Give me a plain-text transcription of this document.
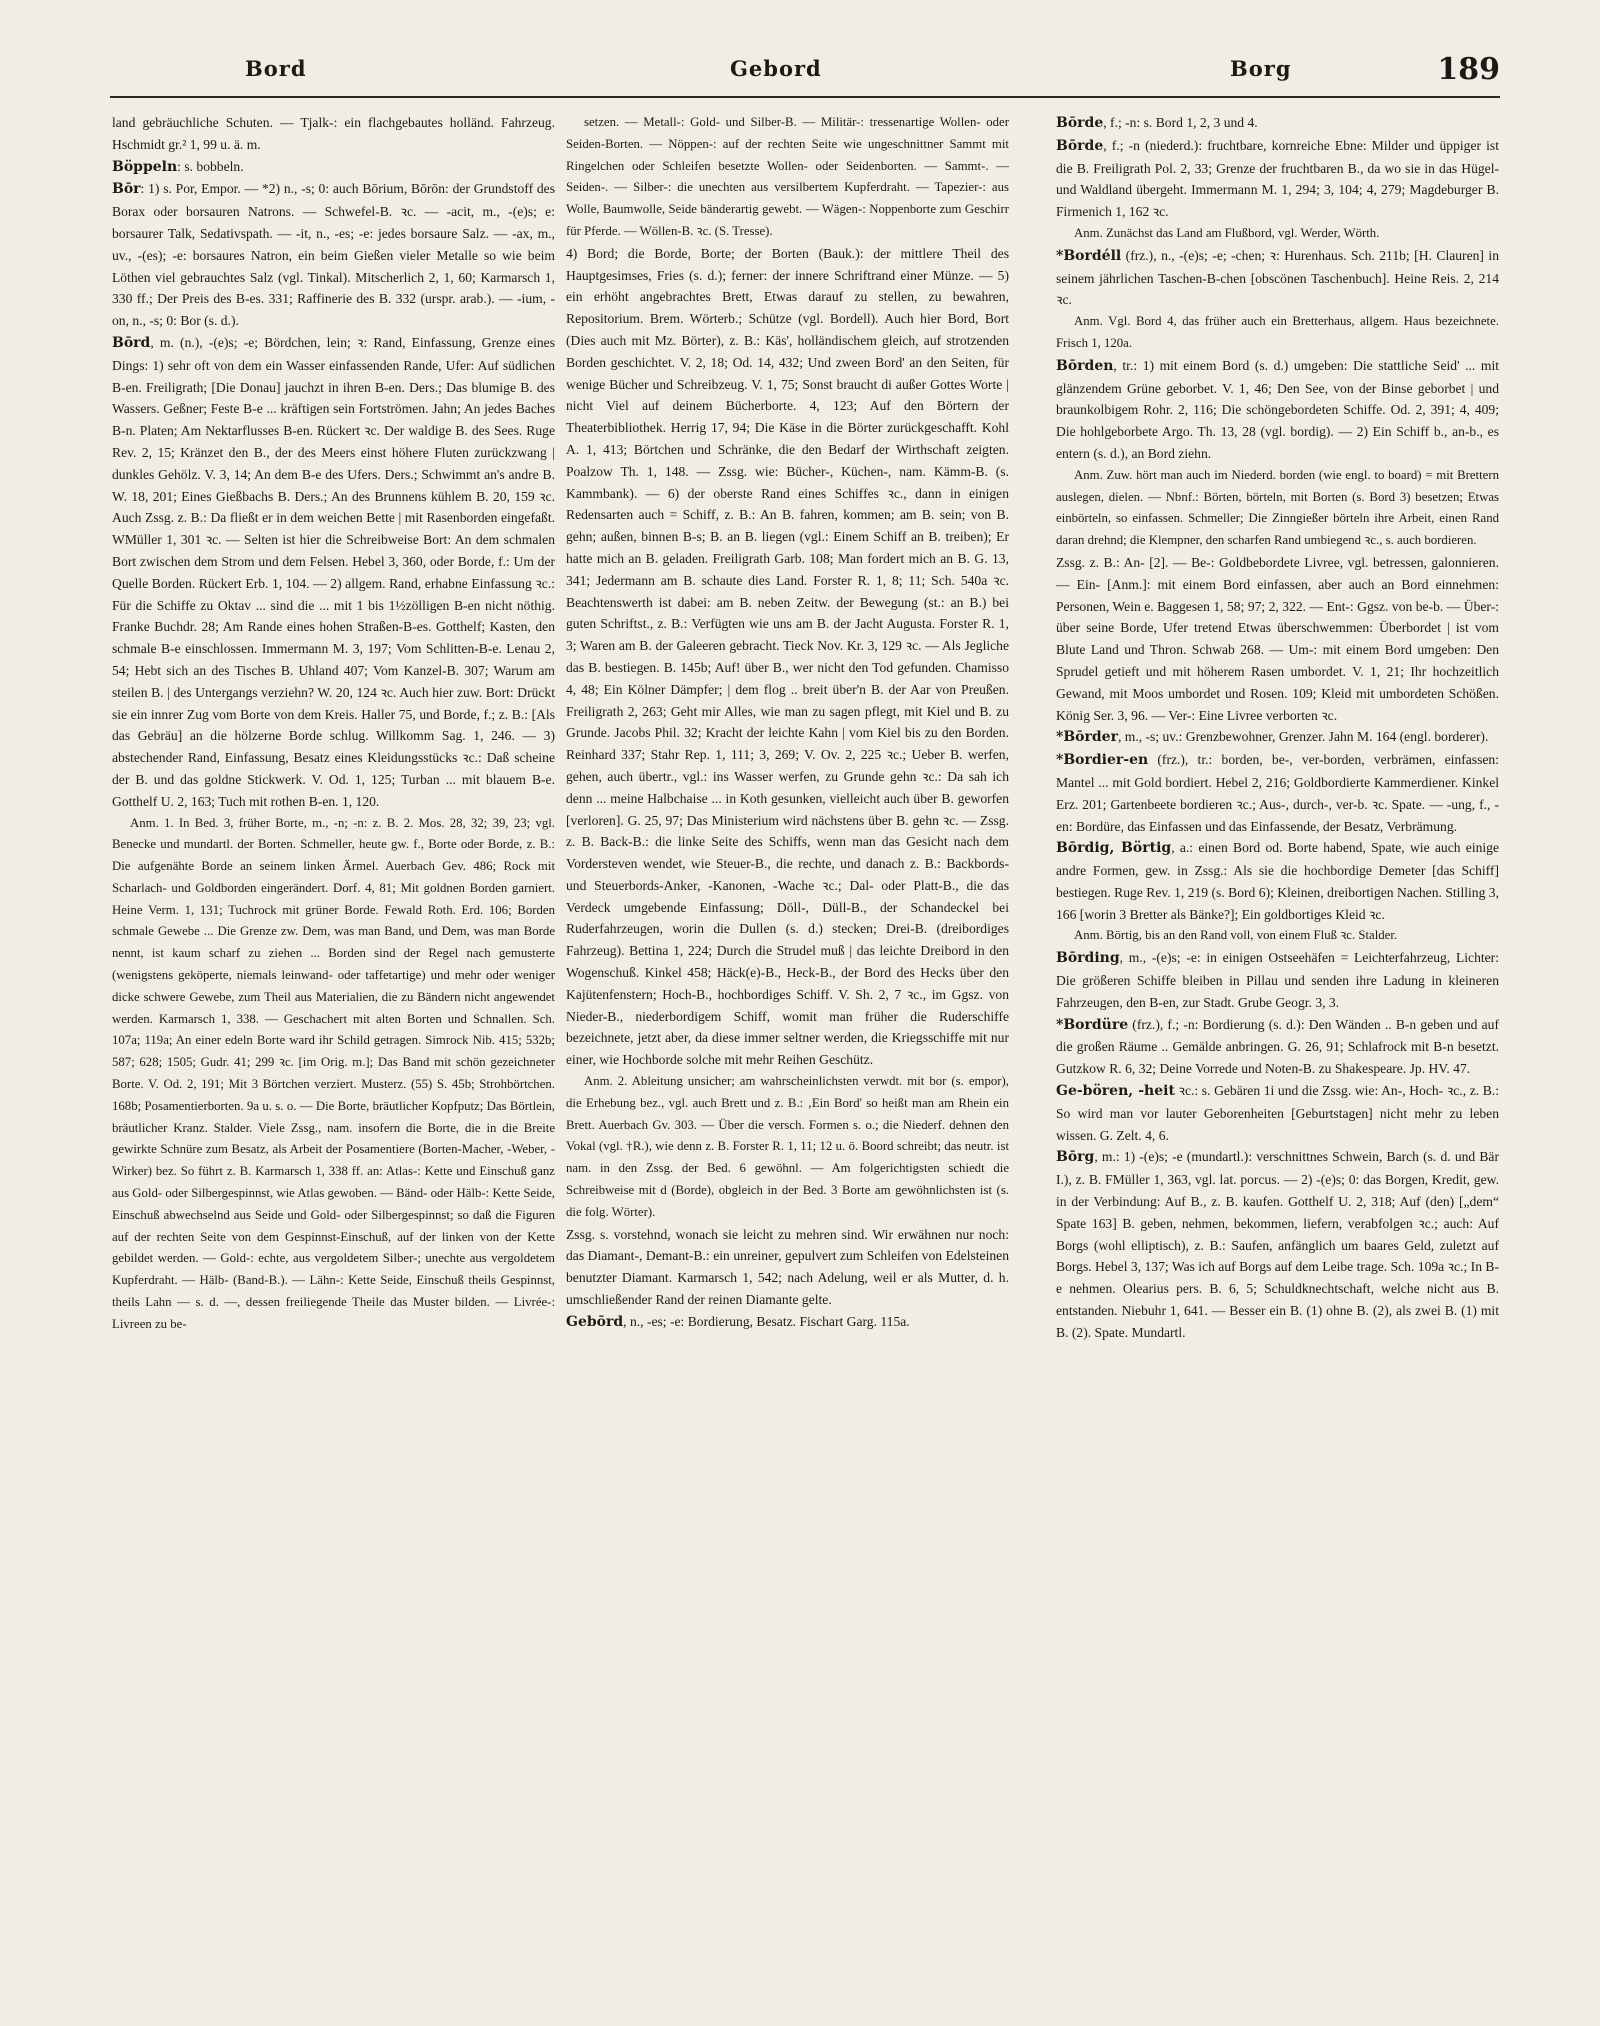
Bord	Gebord	Borg	189

land gebräuchliche Schuten. — Tjalk-: ein flachgebautes holländ. Fahrzeug. Hschmidt gr.² 1, 99 u. ä. m.

Böppeln: s. bobbeln.

Bōr: 1) s. Por, Empor. — *2) n., -s; 0: auch Bōrium, Bōrōn: der Grundstoff des Borax oder borsauren Natrons. — Schwefel-B. ꝛc. — -acit, m., -(e)s; e: borsaurer Talk, Sedativspath. — -it, n., -es; -e: jedes borsaure Salz. — -ax, m., uv., -(es); -e: borsaures Natron, ein beim Gießen vieler Metalle so wie beim Löthen viel gebrauchtes Salz (vgl. Tinkal). Mitscherlich 2, 1, 60; Karmarsch 1, 330 ff.; Der Preis des B-es. 331; Raffinerie des B. 332 (urspr. arab.). — -ium, -on, n., -s; 0: Bor (s. d.).

Bōrd, m. (n.), -(e)s; -e; Bördchen, lein; ꝛ: Rand, Einfassung, Grenze eines Dings: 1) sehr oft von dem ein Wasser einfassenden Rande, Ufer: Auf südlichen B-en. Freiligrath; [Die Donau] jauchzt in ihren B-en. Ders.; Das blumige B. des Wassers. Geßner; Feste B-e ... kräftigen sein Fortströmen. Jahn; An jedes Baches B-n. Platen; Am Nektarflusses B-en. Rückert ꝛc. Der waldige B. des Sees. Ruge Rev. 2, 15; Kränzet den B., der des Meers einst höhere Fluten zurückzwang | dunkles Gehölz. V. 3, 14; An dem B-e des Ufers. Ders.; Schwimmt an's andre B. W. 18, 201; Eines Gießbachs B. Ders.; An des Brunnens kühlem B. 20, 159 ꝛc. Auch Zssg. z. B.: Da fließt er in dem weichen Bette | mit Rasenborden eingefaßt. WMüller 1, 301 ꝛc. — Selten ist hier die Schreibweise Bort: An dem schmalen Bort zwischen dem Strom und dem Felsen. Hebel 3, 360, oder Borde, f.: Um der Quelle Borden. Rückert Erb. 1, 104. — 2) allgem. Rand, erhabne Einfassung ꝛc.: Für die Schiffe zu Oktav ... sind die ... mit 1 bis 1½zölligen B-en nicht nöthig. Franke Buchdr. 28; Am Rande eines hohen Straßen-B-es. Gotthelf; Kasten, den schmale B-e einschlossen. Immermann M. 3, 197; Vom Schlitten-B-e. Lenau 2, 54; Hebt sich an des Tisches B. Uhland 407; Vom Kanzel-B. 307; Warum am steilen B. | des Untergangs verziehn? W. 20, 124 ꝛc. Auch hier zuw. Bort: Drückt sie ein innrer Zug vom Borte von dem Kreis. Haller 75, und Borde, f.; z. B.: [Als das Gebräu] an die hölzerne Borde schlug. Willkomm Sag. 1, 246. — 3) abstechender Rand, Einfassung, Besatz eines Kleidungsstücks ꝛc.: Daß scheine der B. und das goldne Stickwerk. V. Od. 1, 125; Turban ... mit blauem B-e. Gotthelf U. 2, 163; Tuch mit rothen B-en. 1, 120.

Anm. 1. In Bed. 3, früher Borte, m., -n; -n: z. B. 2. Mos. 28, 32; 39, 23; vgl. Benecke und mundartl. der Borten. Schmeller, heute gw. f., Borte oder Borde, z. B.: Die aufgenähte Borde an seinem linken Ärmel. Auerbach Gev. 486; Rock mit Scharlach- und Goldborden eingerändert. Dorf. 4, 81; Mit goldnen Borden garniert. Heine Verm. 1, 131; Tuchrock mit grüner Borde. Fewald Roth. Erd. 106; Borden schmale Gewebe ... Die Grenze zw. Dem, was man Band, und Dem, was man Borde nennt, ist kaum scharf zu ziehen ... Borden sind der Regel nach gemusterte (wenigstens geköperte, niemals leinwand- oder taffetartige) und mehr oder weniger dicke schwere Gewebe, zum Theil aus Materialien, die zu Bändern nicht angewendet werden. Karmarsch 1, 338. — Geschachert mit alten Borten und Schnallen. Sch. 107a; 119a; An einer edeln Borte ward ihr Schild getragen. Simrock Nib. 415; 532b; 587; 628; 1505; Gudr. 41; 299 ꝛc. [im Orig. m.]; Das Band mit schön gezeichneter Borte. V. Od. 2, 191; Mit 3 Börtchen verziert. Musterz. (55) S. 45b; Strohbörtchen. 168b; Posamentierborten. 9a u. s. o. — Die Borte, bräutlicher Kopfputz; Das Börtlein, bräutlicher Kranz. Stalder. Viele Zssg., nam. insofern die Borte, die in die Breite gewirkte Schnüre zum Besatz, als Arbeit der Posamentiere (Borten-Macher, -Weber, -Wirker) bez. So führt z. B. Karmarsch 1, 338 ff. an: Atlas-: Kette und Einschuß ganz aus Gold- oder Silbergespinnst, wie Atlas gewoben. — Bänd- oder Hälb-: Kette Seide, Einschuß abwechselnd aus Seide und Gold- oder Silbergespinnst; so daß die Figuren auf der rechten Seite von dem Gespinnst-Einschuß, auf der linken von der Kette gebildet werden. — Gold-: echte, aus vergoldetem Silber-; unechte aus vergoldetem Kupferdraht. — Hälb- (Band-B.). — Lähn-: Kette Seide, Einschuß theils Gespinnst, theils Lahn — s. d. —, dessen freiliegende Theile das Muster bilden. — Livrée-: Livreen zu be-

setzen. — Metall-: Gold- und Silber-B. — Militär-: tressenartige Wollen- oder Seiden-Borten. — Nöppen-: auf der rechten Seite wie ungeschnittner Sammt mit Ringelchen oder Schleifen besetzte Wollen- oder Seidenborten. — Sammt-. — Seiden-. — Silber-: die unechten aus versilbertem Kupferdraht. — Tapezier-: aus Wolle, Baumwolle, Seide bänderartig gewebt. — Wägen-: Noppenborte zum Geschirr für Pferde. — Wöllen-B. ꝛc. (S. Tresse).

4) Bord; die Borde, Borte; der Borten (Bauk.): der mittlere Theil des Hauptgesimses, Fries (s. d.); ferner: der innere Schriftrand einer Münze. — 5) ein erhöht angebrachtes Brett, Etwas darauf zu stellen, zu bewahren, Repositorium. Brem. Wörterb.; Schütze (vgl. Bordell). Auch hier Bord, Bort (Dies auch mit Mz. Börter), z. B.: Käs', holländischem gleich, auf strotzenden Borden geschichtet. V. 2, 18; Od. 14, 432; Und zween Bord' an den Seiten, für wenige Bücher und Schreibzeug. V. 1, 75; Sonst braucht di außer Gottes Worte | nicht Viel auf deinem Bücherborte. 4, 123; Auf den Börtern der Theaterbibliothek. Herrig 17, 94; Die Käse in die Börter zurückgeschafft. Kohl A. 1, 413; Börtchen und Schränke, die den Bedarf der Wirthschaft zeigten. Poalzow Th. 1, 148. — Zssg. wie: Bücher-, Küchen-, nam. Kämm-B. (s. Kammbank). — 6) der oberste Rand eines Schiffes ꝛc., dann in einigen Redensarten auch = Schiff, z. B.: An B. fahren, kommen; am B. sein; von B. gehn; außen, binnen B-s; B. an B. liegen (vgl.: Einem Schiff an B. treiben); Er hatte mich an B. geladen. Freiligrath Garb. 108; Man fordert mich an B. G. 13, 341; Jedermann am B. schaute dies Land. Forster R. 1, 8; 11; Sch. 540a ꝛc. Beachtenswerth ist dabei: am B. neben Zeitw. der Bewegung (st.: an B.) bei guten Schriftst., z. B.: Verfügten wie uns am B. der Jacht Augusta. Forster R. 1, 3; Waren am B. der Galeeren gebracht. Tieck Nov. Kr. 3, 129 ꝛc. — Als Jegliche das B. bestiegen. B. 145b; Auf! über B., wer nicht den Tod gefunden. Chamisso 4, 48; Ein Kölner Dämpfer; | dem flog .. breit über'n B. der Aar von Preußen. Freiligrath 2, 263; Geht mir Alles, wie man zu sagen pflegt, mit Kiel und B. zu Grunde. Jacobs Phil. 32; Kracht der leichte Kahn | vom Kiel bis zu den Borden. Reinhard 337; Stahr Rep. 1, 111; 3, 269; V. Ov. 2, 225 ꝛc.; Ueber B. werfen, gehen, auch übertr., vgl.: ins Wasser werfen, zu Grunde gehn ꝛc.: Da sah ich denn ... meine Halbchaise ... in Koth gesunken, vielleicht auch über B. geworfen [verloren]. G. 25, 97; Das Ministerium wird nächstens über B. gehn ꝛc. — Zssg. z. B. Back-B.: die linke Seite des Schiffs, wenn man das Gesicht nach dem Vordersteven wendet, wie Steuer-B., die rechte, und danach z. B.: Backbords- und Steuerbords-Anker, -Kanonen, -Wache ꝛc.; Dal- oder Platt-B., die das Verdeck umgebende Einfassung; Döll-, Düll-B., der Schandeckel bei Ruderfahrzeugen, worin die Dullen (s. d.) stecken; Drei-B. (dreibordiges Fahrzeug). Bettina 1, 224; Durch die Strudel muß | das leichte Dreibord in den Wogenschuß. Kinkel 458; Häck(e)-B., Heck-B., der Bord des Hecks über den Kajütenfenstern; Hoch-B., hochbordiges Schiff. V. Sh. 2, 7 ꝛc., im Ggsz. von Nieder-B., niederbordigem Schiff, womit man früher die Ruderschiffe bezeichnete, jetzt aber, da diese immer seltner werden, die Kriegsschiffe mit nur einer, wie Hochborde solche mit mehr Reihen Geschütz.

Anm. 2. Ableitung unsicher; am wahrscheinlichsten verwdt. mit bor (s. empor), die Erhebung bez., vgl. auch Brett und z. B.: ‚Ein Bord' so heißt man am Rhein ein Brett. Auerbach Gv. 303. — Über die versch. Formen s. o.; die Niederf. dehnen den Vokal (vgl. †R.), wie denn z. B. Forster R. 1, 11; 12 u. ö. Boord schreibt; das neutr. ist nam. in den Zssg. der Bed. 6 gewöhnl. — Am folgerichtigsten schiedt die Schreibweise mit d (Borde), obgleich in der Bed. 3 Borte am gewöhnlichsten ist (s. die folg. Wörter).

Zssg. s. vorstehnd, wonach sie leicht zu mehren sind. Wir erwähnen nur noch: das Diamant-, Demant-B.: ein unreiner, gepulvert zum Schleifen von Edelsteinen benutzter Diamant. Karmarsch 1, 542; nach Adelung, weil er als Mutter, d. h. umschließender Rand der reinen Diamante gelte.

Gebōrd, n., -es; -e: Bordierung, Besatz. Fischart Garg. 115a.

Bōrde, f.; -n: s. Bord 1, 2, 3 und 4.

Bōrde, f.; -n (niederd.): fruchtbare, kornreiche Ebne: Milder und üppiger ist die B. Freiligrath Pol. 2, 33; Grenze der fruchtbaren B., da wo sie in das Hügel- und Waldland übergeht. Immermann M. 1, 294; 3, 104; 4, 279; Magdeburger B. Firmenich 1, 162 ꝛc.

Anm. Zunächst das Land am Flußbord, vgl. Werder, Wörth.

*Bordéll (frz.), n., -(e)s; -e; -chen; ꝛ: Hurenhaus. Sch. 211b; [H. Clauren] in seinem jährlichen Taschen-B-chen [obscönen Taschenbuch]. Heine Reis. 2, 214 ꝛc.

Anm. Vgl. Bord 4, das früher auch ein Bretterhaus, allgem. Haus bezeichnete. Frisch 1, 120a.

Bōrden, tr.: 1) mit einem Bord (s. d.) umgeben: Die stattliche Seid' ... mit glänzendem Grüne geborbet. V. 1, 46; Den See, von der Binse geborbet | und braunkolbigem Rohr. 2, 116; Die schöngebordeten Schiffe. Od. 2, 391; 4, 409; Die hohlgeborbete Argo. Th. 13, 28 (vgl. bordig). — 2) Ein Schiff b., an-b., es entern (s. d.), an Bord ziehn.

Anm. Zuw. hört man auch im Niederd. borden (wie engl. to board) = mit Brettern auslegen, dielen. — Nbnf.: Börten, börteln, mit Borten (s. Bord 3) besetzen; Etwas einbörteln, so einfassen. Schmeller; Die Zinngießer börteln ihre Arbeit, einen Rand daran drehnd; die Klempner, den scharfen Rand umbiegend ꝛc., s. auch bordieren.

Zssg. z. B.: An- [2]. — Be-: Goldbebordete Livree, vgl. betressen, galonnieren. — Ein- [Anm.]: mit einem Bord einfassen, aber auch an Bord einnehmen: Personen, Wein e. Baggesen 1, 58; 97; 2, 322. — Ent-: Ggsz. von be-b. — Über-: über seine Borde, Ufer tretend Etwas überschwemmen: Überbordet | ist vom Blute Land und Thron. Schwab 268. — Um-: mit einem Bord umgeben: Den Sprudel getieft und mit höherem Rasen umbordet. V. 1, 21; Ihr hochzeitlich Gewand, mit Moos umbordet und Rosen. 109; Kleid mit umbordeten Schößen. König Ser. 3, 96. — Ver-: Eine Livree verborten ꝛc.

*Bōrder, m., -s; uv.: Grenzbewohner, Grenzer. Jahn M. 164 (engl. borderer).

*Bordier-en (frz.), tr.: borden, be-, ver-borden, verbrämen, einfassen: Mantel ... mit Gold bordiert. Hebel 2, 216; Goldbordierte Kammerdiener. Kinkel Erz. 201; Gartenbeete bordieren ꝛc.; Aus-, durch-, ver-b. ꝛc. Spate. — -ung, f., -en: Bordüre, das Einfassen und das Einfassende, der Besatz, Verbrämung.

Bōrdig, Börtig, a.: einen Bord od. Borte habend, Spate, wie auch einige andre Formen, gew. in Zssg.: Als sie die hochbordige Demeter [das Schiff] bestiegen. Ruge Rev. 1, 219 (s. Bord 6); Kleinen, dreibortigen Nachen. Stilling 3, 166 [worin 3 Bretter als Bänke?]; Ein goldbortiges Kleid ꝛc.

Anm. Börtig, bis an den Rand voll, von einem Fluß ꝛc. Stalder.

Bōrding, m., -(e)s; -e: in einigen Ostseehäfen = Leichterfahrzeug, Lichter: Die größeren Schiffe bleiben in Pillau und senden ihre Ladung in kleineren Fahrzeugen, den B-en, zur Stadt. Grube Geogr. 3, 3.

*Bordüre (frz.), f.; -n: Bordierung (s. d.): Den Wänden .. B-n geben und auf die großen Räume .. Gemälde anbringen. G. 26, 91; Schlafrock mit B-n besetzt. Gutzkow R. 6, 32; Deine Vorrede und Noten-B. zu Shakespeare. Jp. HV. 47.

Ge-bören, -heit ꝛc.: s. Gebären 1i und die Zssg. wie: An-, Hoch- ꝛc., z. B.: So wird man vor lauter Geborenheiten [Geburtstagen] nicht mehr zu leben wissen. G. Zelt. 4, 6.

Bōrg, m.: 1) -(e)s; -e (mundartl.): verschnittnes Schwein, Barch (s. d. und Bär I.), z. B. FMüller 1, 363, vgl. lat. porcus. — 2) -(e)s; 0: das Borgen, Kredit, gew. in der Verbindung: Auf B., z. B. kaufen. Gotthelf U. 2, 318; Auf (den) [„dem“ Spate 163] B. geben, nehmen, bekommen, liefern, verabfolgen ꝛc.; auch: Auf Borgs (wohl elliptisch), z. B.: Saufen, anfänglich um baares Geld, zuletzt auf Borgs. Hebel 3, 137; Was ich auf Borgs auf dem Leibe trage. Sch. 109a ꝛc.; In B-e nehmen. Olearius pers. B. 6, 5; Schuldknechtschaft, welche nicht aus B. entstanden. Niebuhr 1, 641. — Besser ein B. (1) ohne B. (2), als zwei B. (1) mit B. (2). Spate. Mundartl.
